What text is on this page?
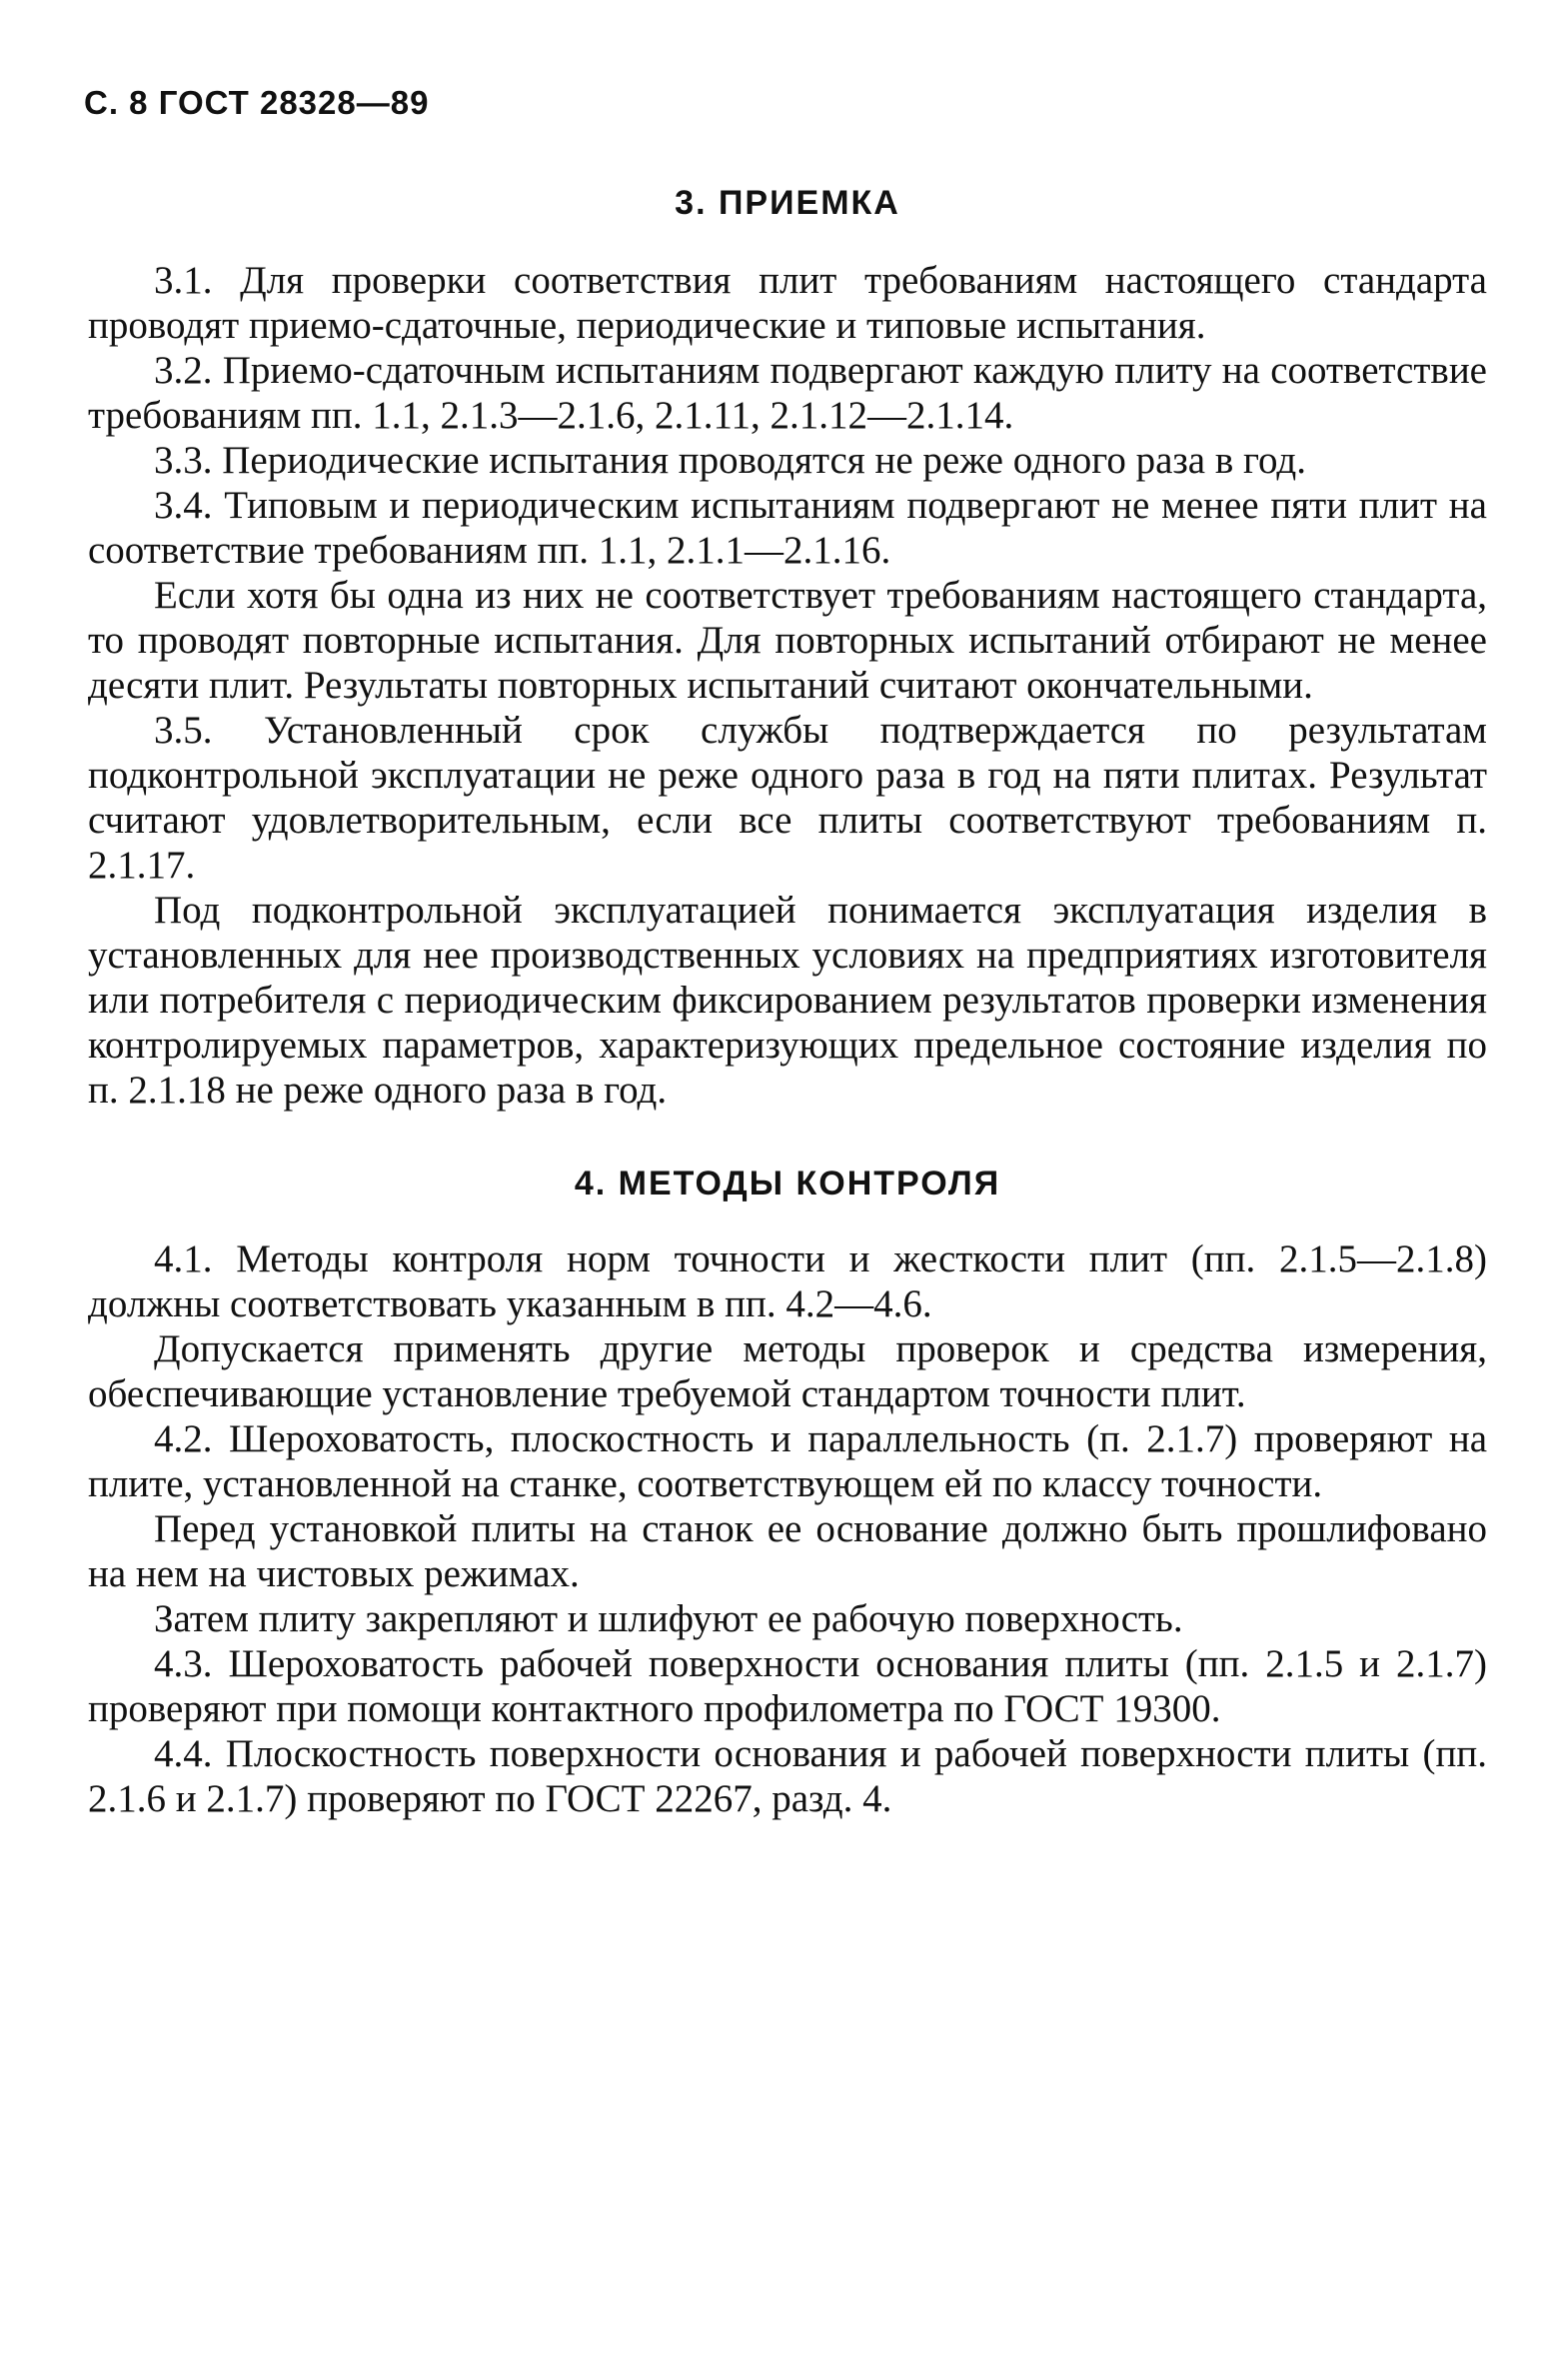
С. 8 ГОСТ 28328—89
3. ПРИЕМКА

3.1. Для проверки соответствия плит требованиям настоящего стандарта проводят приемо-сдаточные, периодические и типовые испытания.

3.2. Приемо-сдаточным испытаниям подвергают каждую плиту на соответствие требованиям пп. 1.1, 2.1.3—2.1.6, 2.1.11, 2.1.12—2.1.14.

3.3. Периодические испытания проводятся не реже одного раза в год.

3.4. Типовым и периодическим испытаниям подвергают не менее пяти плит на соответствие требованиям пп. 1.1, 2.1.1—2.1.16.

Если хотя бы одна из них не соответствует требованиям настоящего стандарта, то проводят повторные испытания. Для повторных испытаний отбирают не менее десяти плит. Результаты повторных испытаний считают окончательными.

3.5. Установленный срок службы подтверждается по результатам подконтрольной эксплуатации не реже одного раза в год на пяти плитах. Результат считают удовлетворительным, если все плиты соответствуют требованиям п. 2.1.17.

Под подконтрольной эксплуатацией понимается эксплуатация изделия в установленных для нее производственных условиях на предприятиях изготовителя или потребителя с периодическим фиксированием результатов проверки изменения контролируемых параметров, характеризующих предельное состояние изделия по п. 2.1.18 не реже одного раза в год.

4. МЕТОДЫ КОНТРОЛЯ

4.1. Методы контроля норм точности и жесткости плит (пп. 2.1.5—2.1.8) должны соответствовать указанным в пп. 4.2—4.6.

Допускается применять другие методы проверок и средства измерения, обеспечивающие установление требуемой стандартом точности плит.

4.2. Шероховатость, плоскостность и параллельность (п. 2.1.7) проверяют на плите, установленной на станке, соответствующем ей по классу точности.

Перед установкой плиты на станок ее основание должно быть прошлифовано на нем на чистовых режимах.

Затем плиту закрепляют и шлифуют ее рабочую поверхность.

4.3. Шероховатость рабочей поверхности основания плиты (пп. 2.1.5 и 2.1.7) проверяют при помощи контактного профилометра по ГОСТ 19300.

4.4. Плоскостность поверхности основания и рабочей поверхности плиты (пп. 2.1.6 и 2.1.7) проверяют по ГОСТ 22267, разд. 4.
